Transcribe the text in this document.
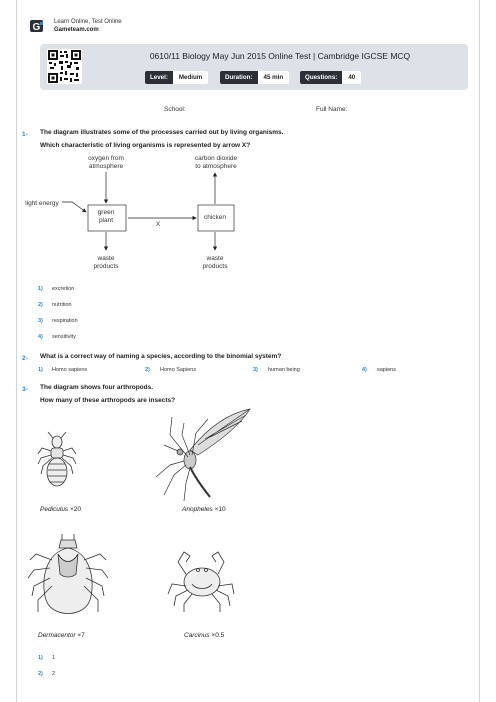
G Learn Online, Test Online
Gameteam.com
0610/11 Biology May Jun 2015 Online Test | Cambridge IGCSE MCQ
Level:	Medium	Duration:	45 min	Questions:	40
School:	Full Name:
1- The diagram illustrates some of the processes carried out by living organisms.
Which characteristic of living organisms is represented by arrow X?
oxygen from
atmosphere
carbon dioxide
to atmosphere
light energy
green
plant
X
chicken
waste
products
waste
products
1) excretion
2) nutrition
3) respiration
4) sensitivity
2- What is a correct way of naming a species, according to the binomial system?
1) Homo sapiens	2) Homo Sapiens	3) human being	4) sapiens
3- The diagram shows four arthropods.
How many of these arthropods are insects?
Pediculus ×20	Anopheles ×10
Dermacentor ×7	Carcinus ×0.5
1) 1
2) 2
